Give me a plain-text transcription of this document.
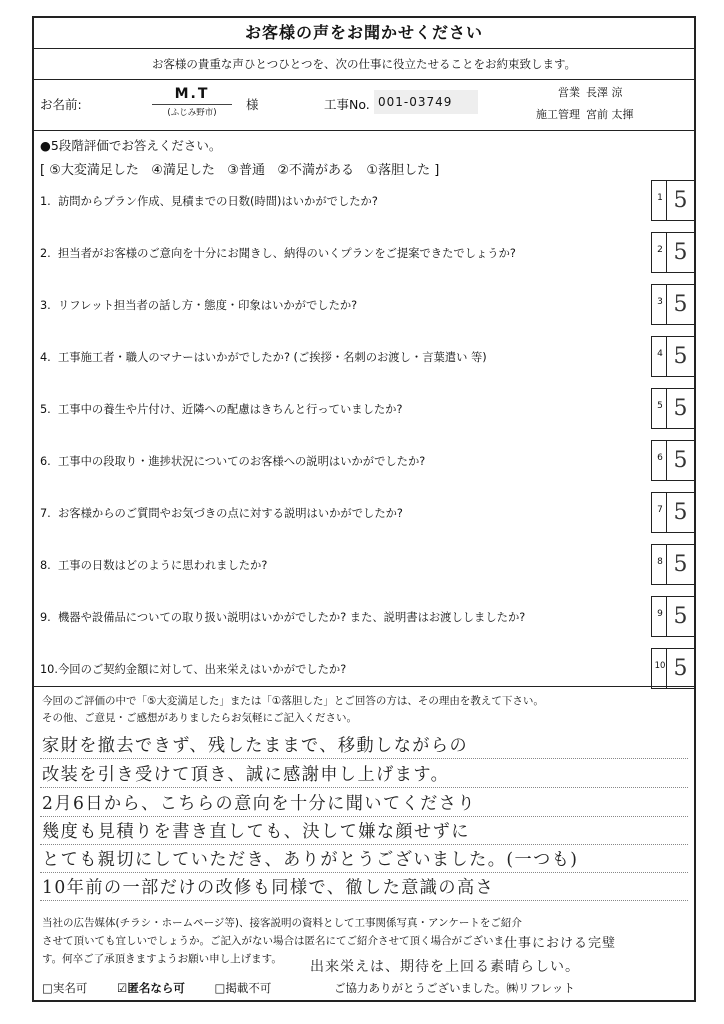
お客様の声をお聞かせください
お客様の貴重な声ひとつひとつを、次の仕事に役立たせることをお約束致します。
お名前:
M.T
(ふじみ野市)
様	工事No. 001-03749
営業 長澤 涼
施工管理 宮前 太揮
●5段階評価でお答えください。
[ ⑤大変満足した   ④満足した   ③普通   ②不満がある   ①落胆した ]
1. 訪問からプラン作成、見積までの日数(時間)はいかがでしたか?	1 5
2. 担当者がお客様のご意向を十分にお聞きし、納得のいくプランをご提案できたでしょうか?	2 5
3. リフレット担当者の話し方・態度・印象はいかがでしたか?	3 5
4. 工事施工者・職人のマナーはいかがでしたか? (ご挨拶・名刺のお渡し・言葉遣い 等)	4 5
5. 工事中の養生や片付け、近隣への配慮はきちんと行っていましたか?	5 5
6. 工事中の段取り・進捗状況についてのお客様への説明はいかがでしたか?	6 5
7. お客様からのご質問やお気づきの点に対する説明はいかがでしたか?	7 5
8. 工事の日数はどのように思われましたか?	8 5
9. 機器や設備品についての取り扱い説明はいかがでしたか? また、説明書はお渡ししましたか?	9 5
10. 今回のご契約金額に対して、出来栄えはいかがでしたか?	10 5
今回のご評価の中で「⑤大変満足した」または「①落胆した」とご回答の方は、その理由を教えて下さい。
その他、ご意見・ご感想がありましたらお気軽にご記入ください。
家財を撤去できず、残したままで、移動しながらの
改装を引き受けて頂き、誠に感謝申し上げます。
2月6日から、こちらの意向を十分に聞いてくださり
幾度も見積りを書き直しても、決して嫌な顔せずに
とても親切にしていただき、ありがとうございました。(一つも)
10年前の一部だけの改修も同様で、徹した意識の高さ
当社の広告媒体(チラシ・ホームページ等)、接客説明の資料として工事関係写真・アンケートをご紹介させて頂いても宜しいでしょうか。ご記入がない場合は匿名にてご紹介させて頂く場合がございます。何卒ご了承頂きますようお願い申し上げます。
仕事における完璧
出来栄えは、期待を上回る素晴らしい。
□実名可	☑匿名なら可	□掲載不可	ご協力ありがとうございました。㈱リフレット
